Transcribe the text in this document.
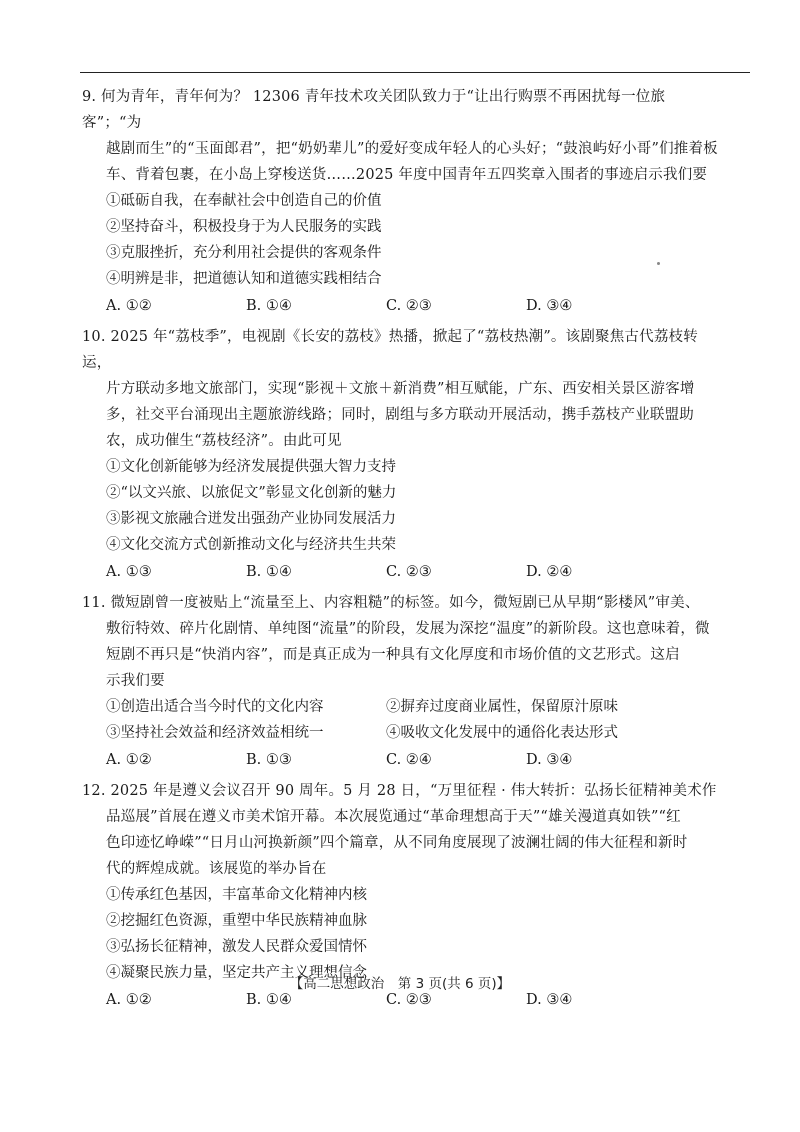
9. 何为青年，青年何为？ 12306 青年技术攻关团队致力于“让出行购票不再困扰每一位旅客”；“为

越剧而生”的“玉面郎君”，把“奶奶辈儿”的爱好变成年轻人的心头好；“鼓浪屿好小哥”们推着板

车、背着包裹，在小岛上穿梭送货……2025 年度中国青年五四奖章入围者的事迹启示我们要

①砥砺自我，在奉献社会中创造自己的价值

②坚持奋斗，积极投身于为人民服务的实践

③克服挫折，充分利用社会提供的客观条件

④明辨是非，把道德认知和道德实践相结合

A. ①②	B. ①④	C. ②③	D. ③④

10. 2025 年“荔枝季”，电视剧《长安的荔枝》热播，掀起了“荔枝热潮”。该剧聚焦古代荔枝转运，

片方联动多地文旅部门，实现“影视＋文旅＋新消费”相互赋能，广东、西安相关景区游客增

多，社交平台涌现出主题旅游线路；同时，剧组与多方联动开展活动，携手荔枝产业联盟助

农，成功催生“荔枝经济”。由此可见

①文化创新能够为经济发展提供强大智力支持

②“以文兴旅、以旅促文”彰显文化创新的魅力

③影视文旅融合迸发出强劲产业协同发展活力

④文化交流方式创新推动文化与经济共生共荣

A. ①③	B. ①④	C. ②③	D. ②④

11. 微短剧曾一度被贴上“流量至上、内容粗糙”的标签。如今，微短剧已从早期“影楼风”审美、

敷衍特效、碎片化剧情、单纯图“流量”的阶段，发展为深挖“温度”的新阶段。这也意味着，微

短剧不再只是“快消内容”，而是真正成为一种具有文化厚度和市场价值的文艺形式。这启

示我们要

①创造出适合当今时代的文化内容	②摒弃过度商业属性，保留原汁原味
③坚持社会效益和经济效益相统一	④吸收文化发展中的通俗化表达形式
A. ①②	B. ①③	C. ②④	D. ③④

12. 2025 年是遵义会议召开 90 周年。5 月 28 日，“万里征程 · 伟大转折：弘扬长征精神美术作

品巡展”首展在遵义市美术馆开幕。本次展览通过“革命理想高于天”“雄关漫道真如铁”“红

色印迹忆峥嵘”“日月山河换新颜”四个篇章，从不同角度展现了波澜壮阔的伟大征程和新时

代的辉煌成就。该展览的举办旨在

①传承红色基因，丰富革命文化精神内核

②挖掘红色资源，重塑中华民族精神血脉

③弘扬长征精神，激发人民群众爱国情怀

④凝聚民族力量，坚定共产主义理想信念

A. ①②	B. ①④	C. ②③	D. ③④
【高二思想政治　第 3 页(共 6 页)】
